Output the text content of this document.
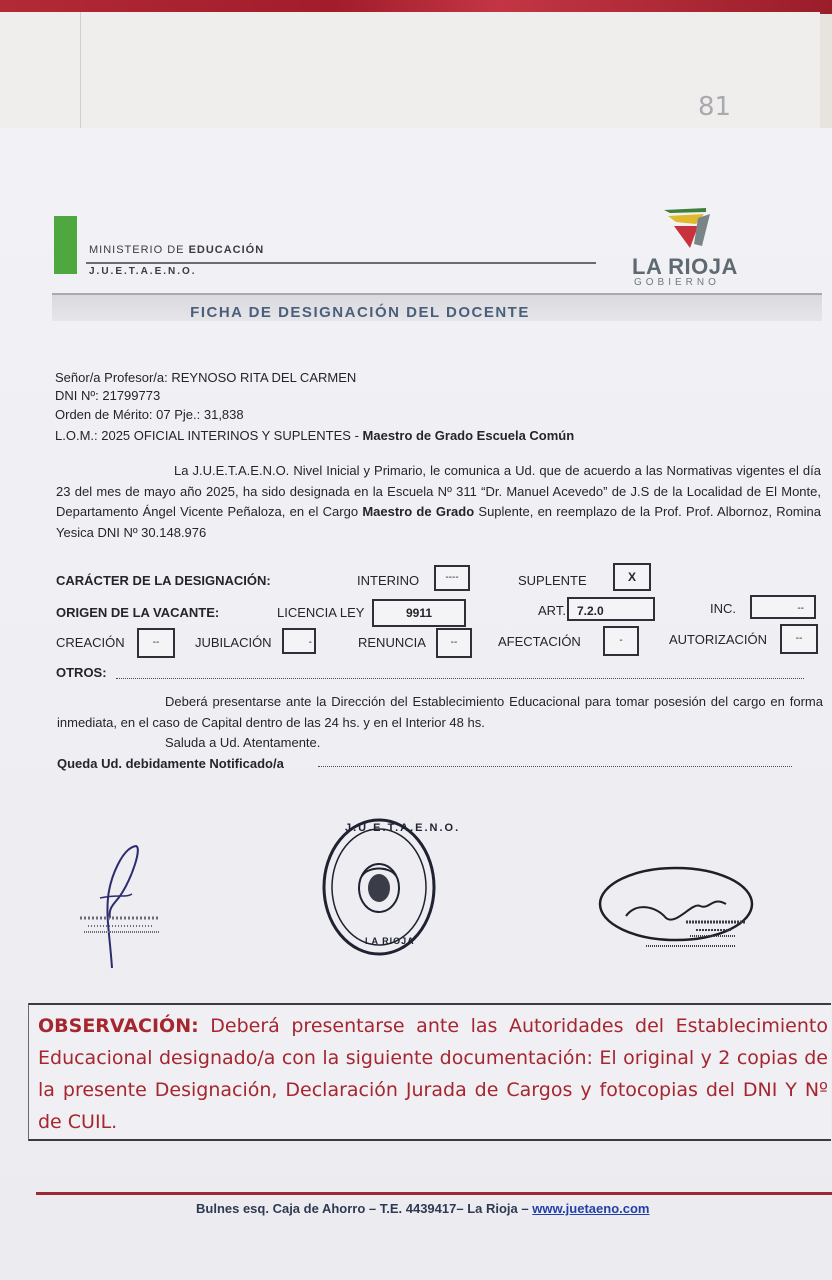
81
MINISTERIO DE EDUCACIÓN
J.U.E.T.A.E.N.O.	LA RIOJA
GOBIERNO
FICHA DE DESIGNACIÓN DEL DOCENTE
Señor/a Profesor/a: REYNOSO RITA DEL CARMEN
DNI Nº: 21799773
Orden de Mérito: 07 Pje.: 31,838
L.O.M.: 2025 OFICIAL INTERINOS Y SUPLENTES - Maestro de Grado Escuela Común
La J.U.E.T.A.E.N.O. Nivel Inicial y Primario, le comunica a Ud. que de acuerdo a las Normativas vigentes el día 23 del mes de mayo año 2025, ha sido designada en la Escuela Nº 311 “Dr. Manuel Acevedo” de J.S de la Localidad de El Monte, Departamento Ángel Vicente Peñaloza, en el Cargo Maestro de Grado Suplente, en reemplazo de la Prof. Prof. Albornoz, Romina Yesica DNI Nº 30.148.976
CARÁCTER DE LA DESIGNACIÓN:	INTERINO	----	SUPLENTE	X
ORIGEN DE LA VACANTE:	LICENCIA LEY	9911	ART. 7.2.0	INC.	--
CREACIÓN	--	JUBILACIÓN	-	RENUNCIA	--	AFECTACIÓN	-	AUTORIZACIÓN	--
OTROS:
Deberá presentarse ante la Dirección del Establecimiento Educacional para tomar posesión del cargo en forma inmediata, en el caso de Capital dentro de las 24 hs. y en el Interior 48 hs.
Saluda a Ud. Atentamente.
Queda Ud. debidamente Notificado/a
J.U.E.T.A.E.N.O.
LA RIOJA
OBSERVACIÓN: Deberá presentarse ante las Autoridades del Establecimiento Educacional designado/a con la siguiente documentación: El original y 2 copias de la presente Designación, Declaración Jurada de Cargos y fotocopias del DNI Y Nº de CUIL.
Bulnes esq. Caja de Ahorro – T.E. 4439417– La Rioja – www.juetaeno.com
